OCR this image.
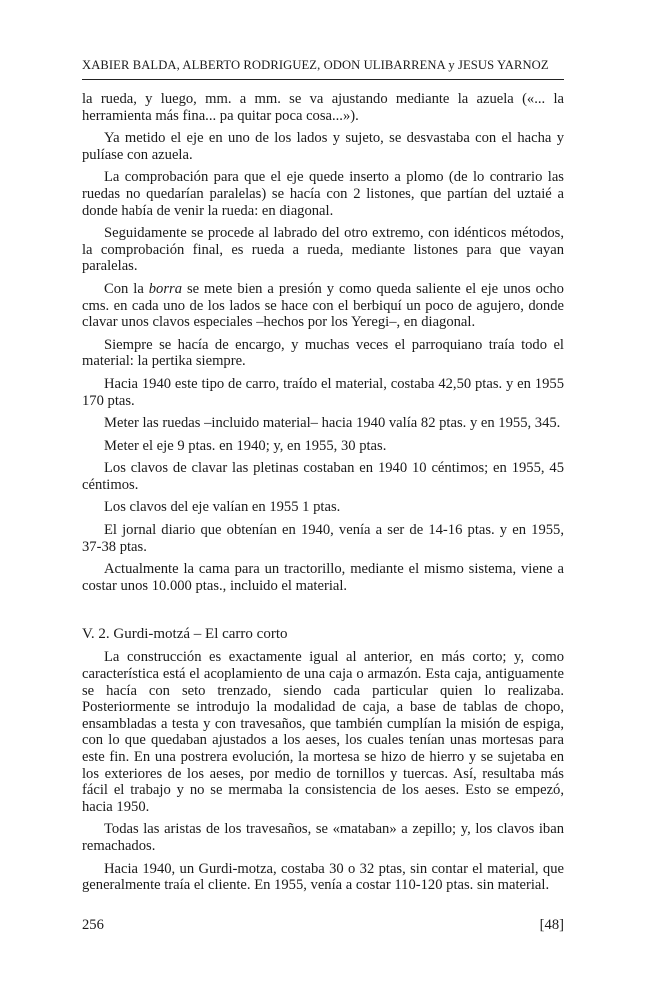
XABIER BALDA, ALBERTO RODRIGUEZ, ODON ULIBARRENA y JESUS YARNOZ

la rueda, y luego, mm. a mm. se va ajustando mediante la azuela («... la herramienta más fina... pa quitar poca cosa...»).

Ya metido el eje en uno de los lados y sujeto, se desvastaba con el hacha y pulíase con azuela.

La comprobación para que el eje quede inserto a plomo (de lo contrario las ruedas no quedarían paralelas) se hacía con 2 listones, que partían del uztaié a donde había de venir la rueda: en diagonal.

Seguidamente se procede al labrado del otro extremo, con idénticos métodos, la comprobación final, es rueda a rueda, mediante listones para que vayan paralelas.

Con la borra se mete bien a presión y como queda saliente el eje unos ocho cms. en cada uno de los lados se hace con el berbiquí un poco de agujero, donde clavar unos clavos especiales –hechos por los Yeregi–, en diagonal.

Siempre se hacía de encargo, y muchas veces el parroquiano traía todo el material: la pertika siempre.

Hacia 1940 este tipo de carro, traído el material, costaba 42,50 ptas. y en 1955 170 ptas.

Meter las ruedas –incluido material– hacia 1940 valía 82 ptas. y en 1955, 345.

Meter el eje 9 ptas. en 1940; y, en 1955, 30 ptas.

Los clavos de clavar las pletinas costaban en 1940 10 céntimos; en 1955, 45 céntimos.

Los clavos del eje valían en 1955 1 ptas.

El jornal diario que obtenían en 1940, venía a ser de 14-16 ptas. y en 1955, 37-38 ptas.

Actualmente la cama para un tractorillo, mediante el mismo sistema, viene a costar unos 10.000 ptas., incluido el material.

V. 2. Gurdi-motzá – El carro corto

La construcción es exactamente igual al anterior, en más corto; y, como característica está el acoplamiento de una caja o armazón. Esta caja, antiguamente se hacía con seto trenzado, siendo cada particular quien lo realizaba. Posteriormente se introdujo la modalidad de caja, a base de tablas de chopo, ensambladas a testa y con travesaños, que también cumplían la misión de espiga, con lo que quedaban ajustados a los aeses, los cuales tenían unas mortesas para este fin. En una postrera evolución, la mortesa se hizo de hierro y se sujetaba en los exteriores de los aeses, por medio de tornillos y tuercas. Así, resultaba más fácil el trabajo y no se mermaba la consistencia de los aeses. Esto se empezó, hacia 1950.

Todas las aristas de los travesaños, se «mataban» a zepillo; y, los clavos iban remachados.

Hacia 1940, un Gurdi-motza, costaba 30 o 32 ptas, sin contar el material, que generalmente traía el cliente. En 1955, venía a costar 110-120 ptas. sin material.

256	[48]
